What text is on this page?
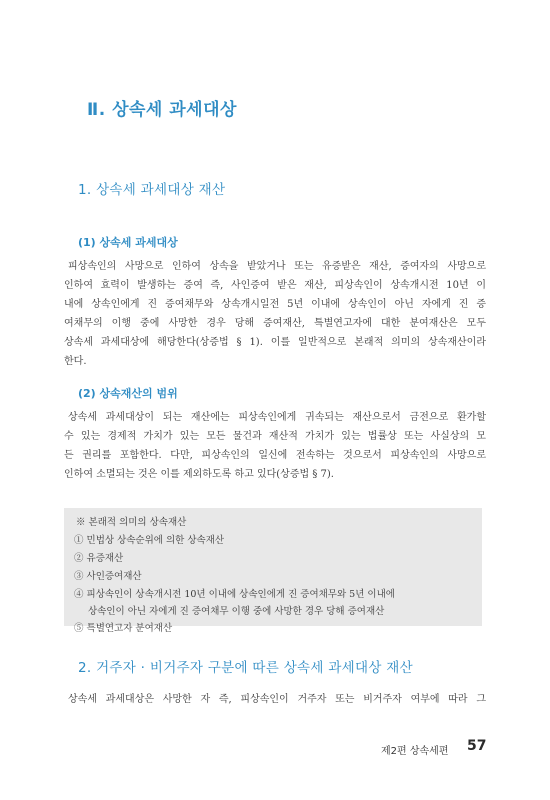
Ⅱ. 상속세 과세대상
1. 상속세 과세대상 재산
(1) 상속세 과세대상
피상속인의 사망으로 인하여 상속을 받았거나 또는 유증받은 재산, 증여자의 사망으로
인하여 효력이 발생하는 증여 즉, 사인증여 받은 재산, 피상속인이 상속개시전 10년 이
내에 상속인에게 진 증여채무와 상속개시일전 5년 이내에 상속인이 아닌 자에게 진 증
여채무의 이행 중에 사망한 경우 당해 증여재산, 특별연고자에 대한 분여재산은 모두
상속세 과세대상에 해당한다(상증법 § 1). 이를 일반적으로 본래적 의미의 상속재산이라
한다.
(2) 상속재산의 범위
상속세 과세대상이 되는 재산에는 피상속인에게 귀속되는 재산으로서 금전으로 환가할
수 있는 경제적 가치가 있는 모든 물건과 재산적 가치가 있는 법률상 또는 사실상의 모
든 권리를 포함한다. 다만, 피상속인의 일신에 전속하는 것으로서 피상속인의 사망으로
인하여 소멸되는 것은 이를 제외하도록 하고 있다(상증법 § 7).
※ 본래적 의미의 상속재산
① 민법상 상속순위에 의한 상속재산
② 유증재산
③ 사인증여재산
④ 피상속인이 상속개시전 10년 이내에 상속인에게 진 증여채무와 5년 이내에
상속인이 아닌 자에게 진 증여채무 이행 중에 사망한 경우 당해 증여재산
⑤ 특별연고자 분여재산
2. 거주자 · 비거주자 구분에 따른 상속세 과세대상 재산
상속세 과세대상은 사망한 자 즉, 피상속인이 거주자 또는 비거주자 여부에 따라 그
제2편 상속세편 57
